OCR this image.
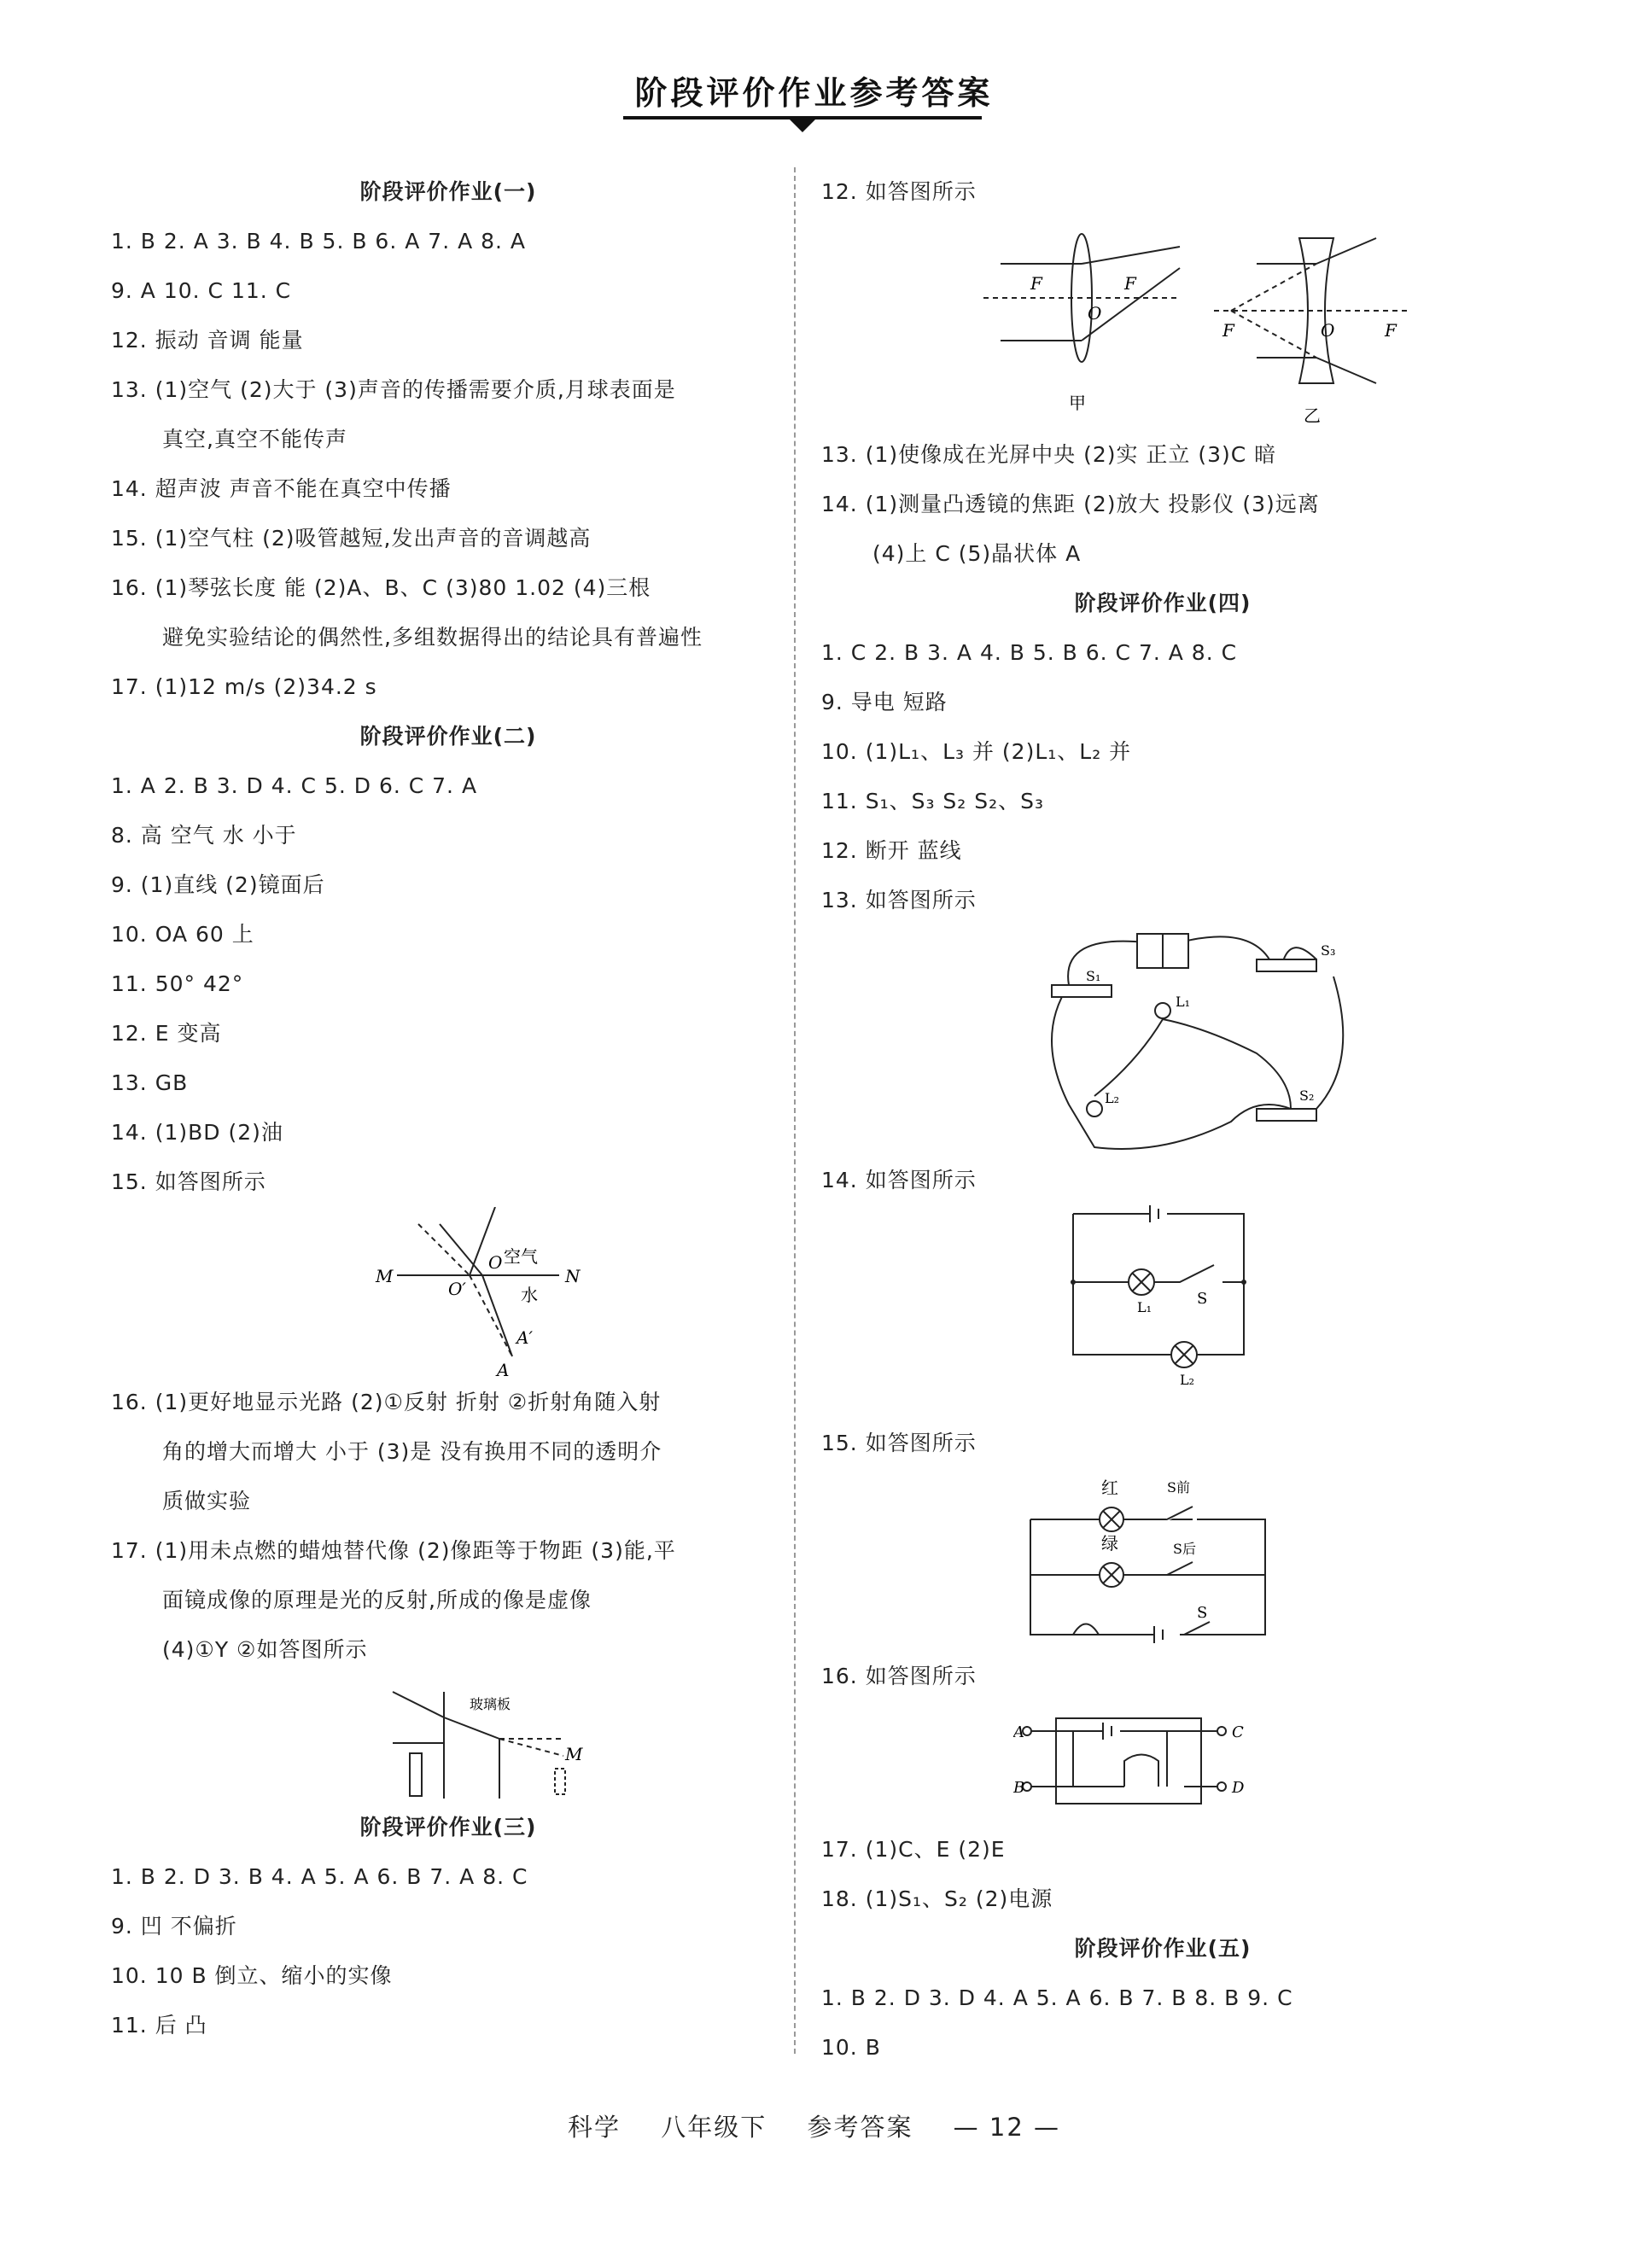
阶段评价作业参考答案
阶段评价作业(一)
1. B 2. A 3. B 4. B 5. B 6. A 7. A 8. A
9. A 10. C 11. C
12. 振动 音调 能量
13. (1)空气 (2)大于 (3)声音的传播需要介质,月球表面是
真空,真空不能传声
14. 超声波 声音不能在真空中传播
15. (1)空气柱 (2)吸管越短,发出声音的音调越高
16. (1)琴弦长度 能 (2)A、B、C (3)80 1.02 (4)三根
避免实验结论的偶然性,多组数据得出的结论具有普遍性
17. (1)12 m/s (2)34.2 s
阶段评价作业(二)
1. A 2. B 3. D 4. C 5. D 6. C 7. A
8. 高 空气 水 小于
9. (1)直线 (2)镜面后
10. OA 60 上
11. 50° 42°
12. E 变高
13. GB
14. (1)BD (2)油
15. 如答图所示
M	N
O
O′
空气
水
A′
A
16. (1)更好地显示光路 (2)①反射 折射 ②折射角随入射
角的增大而增大 小于 (3)是 没有换用不同的透明介
质做实验
17. (1)用未点燃的蜡烛替代像 (2)像距等于物距 (3)能,平
面镜成像的原理是光的反射,所成的像是虚像
(4)①Y ②如答图所示
玻璃板
M
阶段评价作业(三)
1. B 2. D 3. B 4. A 5. A 6. B 7. A 8. C
9. 凹 不偏折
10. 10 B 倒立、缩小的实像
11. 后 凸
12. 如答图所示
F	F
O
甲
F	O	F
乙
13. (1)使像成在光屏中央 (2)实 正立 (3)C 暗
14. (1)测量凸透镜的焦距 (2)放大 投影仪 (3)远离
(4)上 C (5)晶状体 A
阶段评价作业(四)
1. C 2. B 3. A 4. B 5. B 6. C 7. A 8. C
9. 导电 短路
10. (1)L₁、L₃ 并 (2)L₁、L₂ 并
11. S₁、S₃ S₂ S₂、S₃
12. 断开 蓝线
13. 如答图所示
S₁
S₃
S₂
L₁
L₂
14. 如答图所示
L₁
L₂
S
15. 如答图所示
红
绿
S前
S后
S
16. 如答图所示
A
B
C
D
17. (1)C、E (2)E
18. (1)S₁、S₂ (2)电源
阶段评价作业(五)
1. B 2. D 3. D 4. A 5. A 6. B 7. B 8. B 9. C
10. B
科学 八年级下 参考答案 — 12 —
